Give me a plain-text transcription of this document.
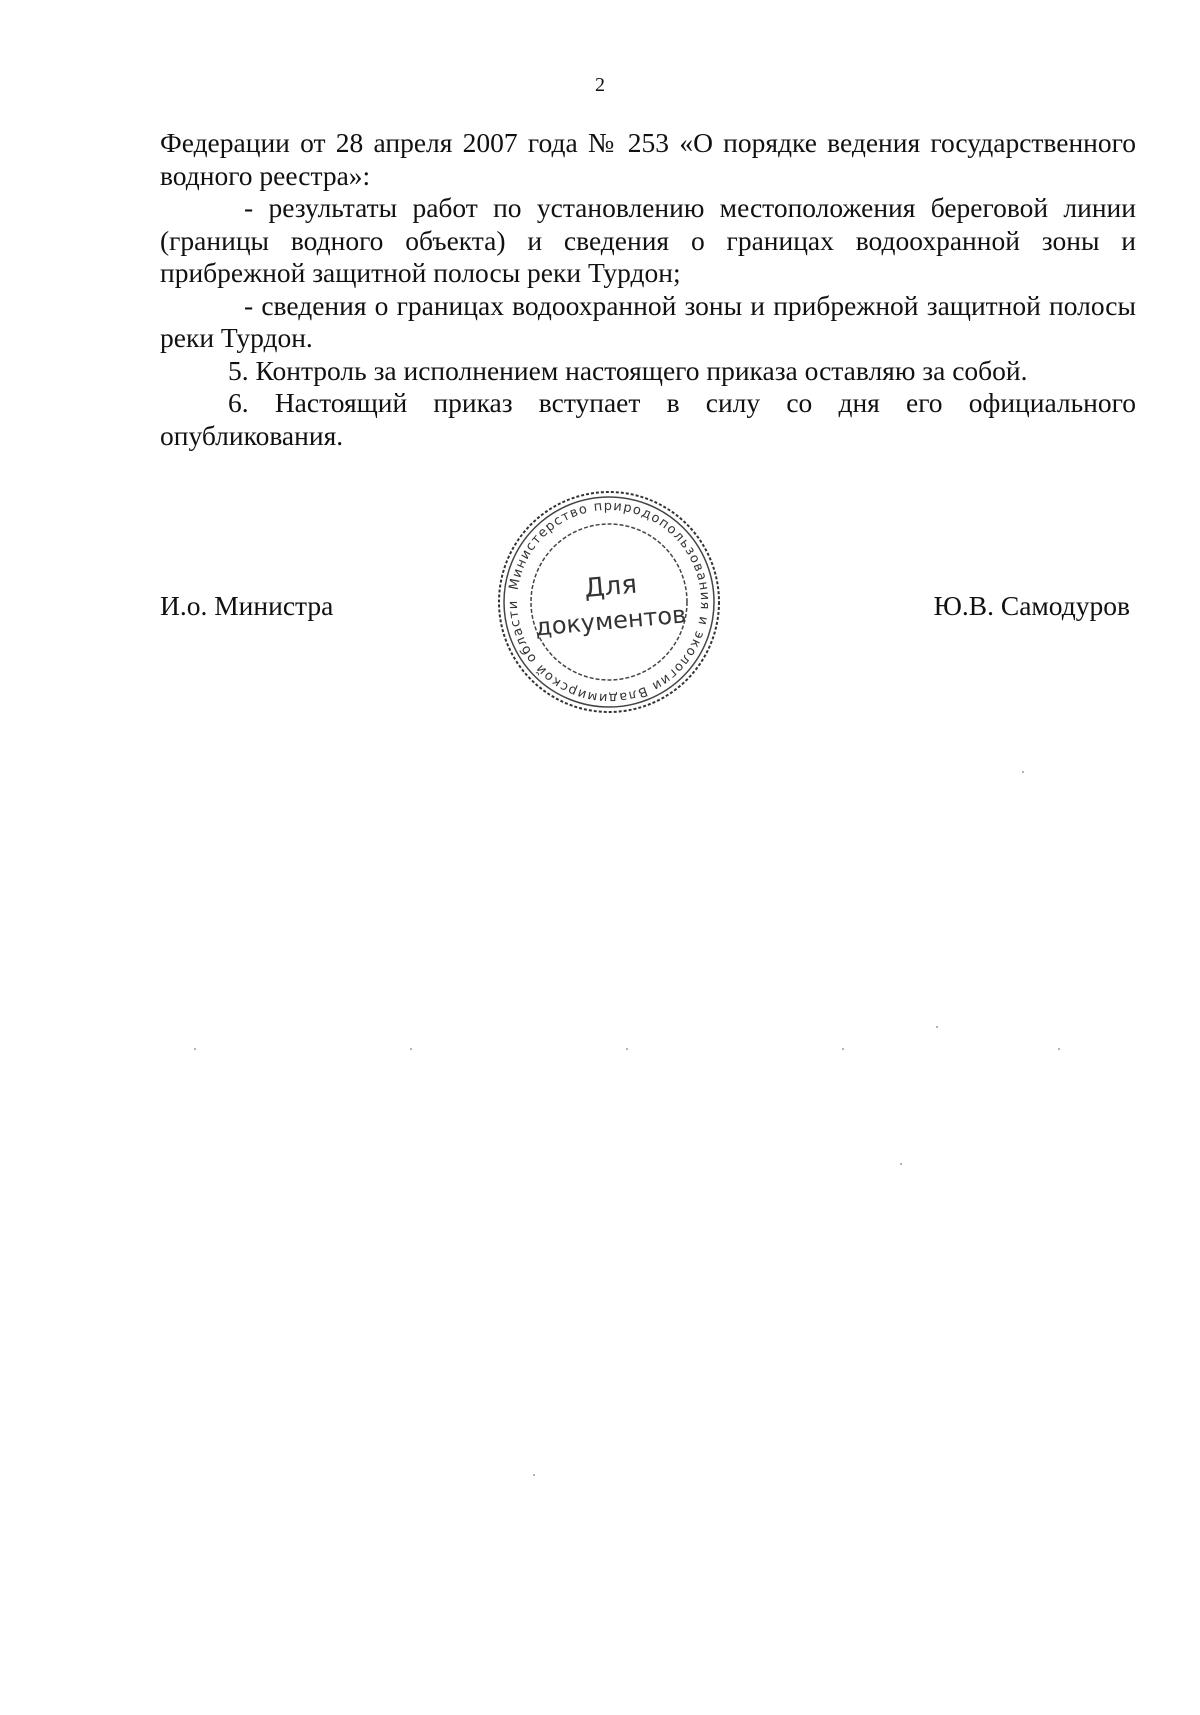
2

Федерации от 28 апреля 2007 года № 253 «О порядке ведения государственного водного реестра»:

- результаты работ по установлению местоположения береговой линии (границы водного объекта) и сведения о границах водоохранной зоны и прибрежной защитной полосы реки Турдон;

- сведения о границах водоохранной зоны и прибрежной защитной полосы реки Турдон.

5. Контроль за исполнением настоящего приказа оставляю за собой.

6. Настоящий приказ вступает в силу со дня его официального опубликования.

И.о. Министра
Министерство природопользования и экологии Владимирской области
Для
документов	Ю.В. Самодуров
